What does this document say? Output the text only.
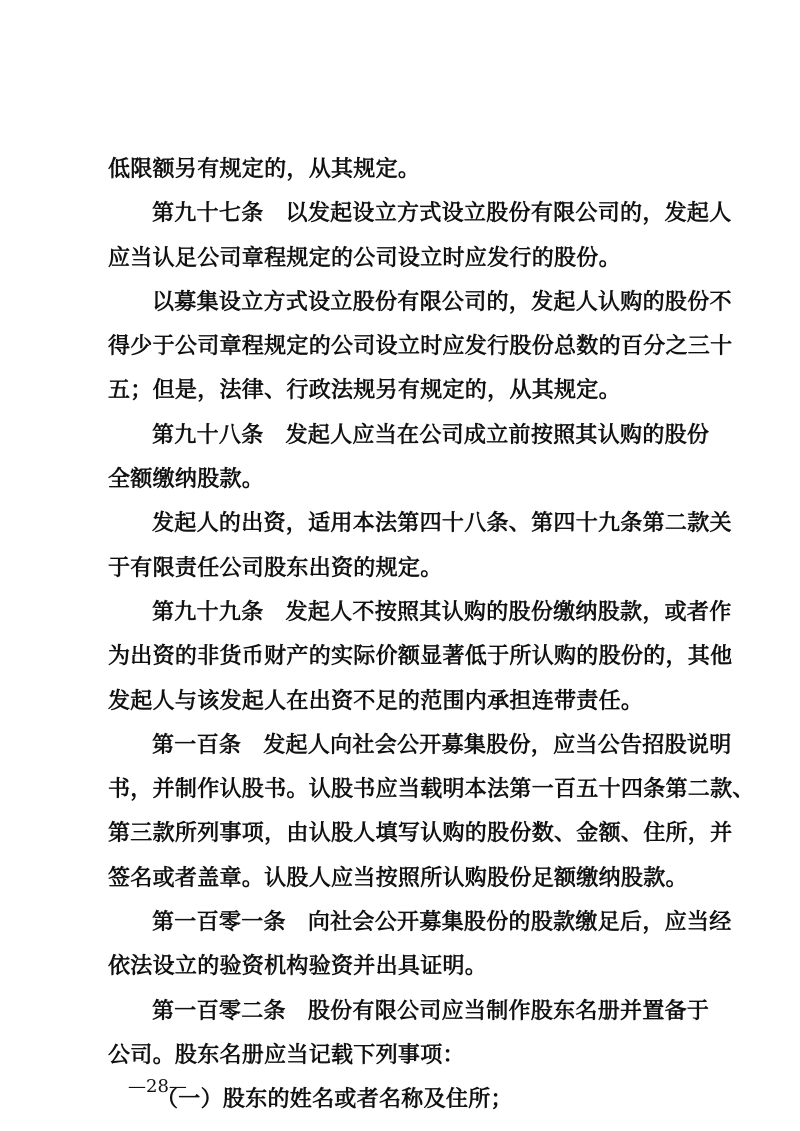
低限额另有规定的，从其规定。
第九十七条 以发起设立方式设立股份有限公司的，发起人
应当认足公司章程规定的公司设立时应发行的股份。
以募集设立方式设立股份有限公司的，发起人认购的股份不
得少于公司章程规定的公司设立时应发行股份总数的百分之三十
五；但是，法律、行政法规另有规定的，从其规定。
第九十八条 发起人应当在公司成立前按照其认购的股份
全额缴纳股款。
发起人的出资，适用本法第四十八条、第四十九条第二款关
于有限责任公司股东出资的规定。
第九十九条 发起人不按照其认购的股份缴纳股款，或者作
为出资的非货币财产的实际价额显著低于所认购的股份的，其他
发起人与该发起人在出资不足的范围内承担连带责任。
第一百条 发起人向社会公开募集股份，应当公告招股说明
书，并制作认股书。认股书应当载明本法第一百五十四条第二款、
第三款所列事项，由认股人填写认购的股份数、金额、住所，并
签名或者盖章。认股人应当按照所认购股份足额缴纳股款。
第一百零一条 向社会公开募集股份的股款缴足后，应当经
依法设立的验资机构验资并出具证明。
第一百零二条 股份有限公司应当制作股东名册并置备于
公司。股东名册应当记载下列事项：
（一）股东的姓名或者名称及住所；
—28—
